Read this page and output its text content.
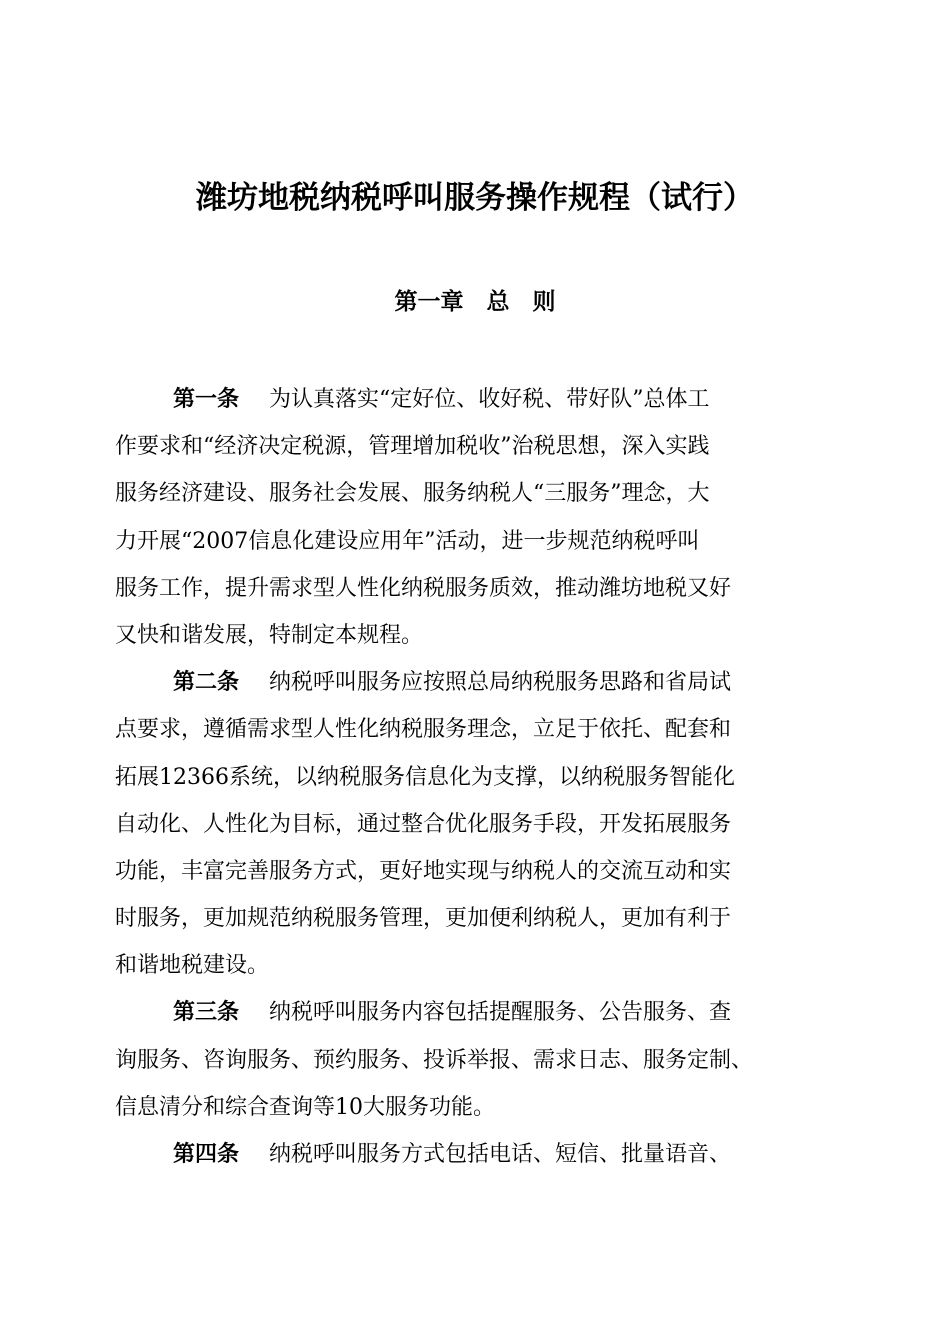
潍坊地税纳税呼叫服务操作规程（试行）
第一章　总　则
第一条 为认真落实“定好位、收好税、带好队”总体工
作要求和“经济决定税源，管理增加税收”治税思想，深入实践
服务经济建设、服务社会发展、服务纳税人“三服务”理念，大
力开展“2007信息化建设应用年”活动，进一步规范纳税呼叫
服务工作，提升需求型人性化纳税服务质效，推动潍坊地税又好
又快和谐发展，特制定本规程。
第二条 纳税呼叫服务应按照总局纳税服务思路和省局试
点要求，遵循需求型人性化纳税服务理念，立足于依托、配套和
拓展12366系统，以纳税服务信息化为支撑，以纳税服务智能化
自动化、人性化为目标，通过整合优化服务手段，开发拓展服务
功能，丰富完善服务方式，更好地实现与纳税人的交流互动和实
时服务，更加规范纳税服务管理，更加便利纳税人，更加有利于
和谐地税建设。
第三条 纳税呼叫服务内容包括提醒服务、公告服务、查
询服务、咨询服务、预约服务、投诉举报、需求日志、服务定制、
信息清分和综合查询等10大服务功能。
第四条 纳税呼叫服务方式包括电话、短信、批量语音、
